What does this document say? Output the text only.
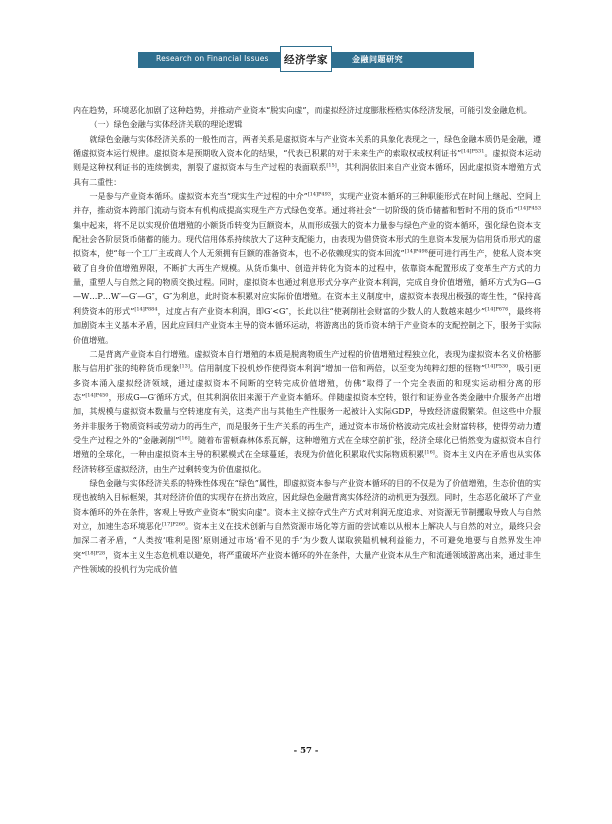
Research on Financial Issues 经济学家	金融问题研究

内在趋势，环境恶化加剧了这种趋势，并推动产业资本“脱实向虚”，而虚拟经济过度膨胀桎梏实体经济发展，可能引发金融危机。

（一）绿色金融与实体经济关联的理论逻辑

就绿色金融与实体经济关系的一般性而言，两者关系是虚拟资本与产业资本关系的具象化表现之一，绿色金融本质仍是金融，遵循虚拟资本运行规律。虚拟资本是预期收入资本化的结果，“代表已积累的对于未来生产的索取权或权利证书”$^{[14]P531}$。虚拟资本运动则是这种权利证书的连续倒卖，割裂了虚拟资本与生产过程的表面联系[15]，其利润依旧来自产业资本循环，因此虚拟资本增殖方式具有二重性：

一是参与产业资本循环。虚拟资本充当“现实生产过程的中介”$^{[14]P493}$，实现产业资本循环的三种职能形式在时间上继起、空间上并存，推动资本跨部门流动与资本有机构成提高实现生产方式绿色变革。通过将社会“一切阶级的货币储蓄和暂时不用的货币”$^{[14]P453}$集中起来，将不足以实现价值增殖的小额货币转变为巨额资本，从而形成强大的资本力量参与绿色产业的资本循环，强化绿色资本支配社会各阶层货币储蓄的能力。现代信用体系持续放大了这种支配能力，由表现为借贷资本形式的生息资本发展为信用货币形式的虚拟资本，使“每一个工厂主或商人个人无须拥有巨额的准备资本，也不必依赖现实的资本回流”$^{[14]P498}$便可进行再生产，使私人资本突破了自身价值增殖界限，不断扩大再生产规模。从货币集中、创造并转化为资本的过程中，依靠资本配置形成了变革生产方式的力量，重塑人与自然之间的物质交换过程。同时，虚拟资本也通过利息形式分享产业资本利润，完成自身价值增殖，循环方式为G—G—W…P…W′—G′—G″，G″为利息，此时资本积累对应实际价值增殖。在资本主义制度中，虚拟资本表现出极强的寄生性，“保持高利贷资本的形式”$^{[14]P884}$，过度占有产业资本利润，即G′<G″，长此以往“使剥削社会财富的少数人的人数越来越少”$^{[14]P676}$，最终将加剧资本主义基本矛盾，因此应回归产业资本主导的资本循环运动，将游离出的货币资本纳于产业资本的支配控制之下，服务于实际价值增殖。

二是背离产业资本自行增殖。虚拟资本自行增殖的本质是脱离物质生产过程的价值增殖过程独立化，表现为虚拟资本名义价格膨胀与信用扩张的纯粹货币现象[13]。信用制度下投机炒作使得资本利润“增加一倍和两倍，以至变为纯粹幻想的怪物”$^{[14]P530}$，吸引更多资本涌入虚拟经济领域，通过虚拟资本不间断的空转完成价值增殖，仿佛“取得了一个完全表面的和现实运动相分离的形态”$^{[14]P450}$，形成G—G′循环方式，但其利润依旧来源于产业资本循环。伴随虚拟资本空转，银行和证券业各类金融中介服务产出增加，其规模与虚拟资本数量与空转速度有关，这类产出与其他生产性服务一起被计入实际GDP，导致经济虚假繁荣。但这些中介服务并非服务于物质资料或劳动力的再生产，而是服务于生产关系的再生产，通过资本市场价格波动完成社会财富转移，使得劳动力遭受生产过程之外的“金融剥削”[16]。随着布雷顿森林体系瓦解，这种增殖方式在全球空前扩张，经济全球化已悄然变为虚拟资本自行增殖的全球化，一种由虚拟资本主导的积累模式在全球蔓延，表现为价值化积累取代实际物质积累[16]。资本主义内在矛盾也从实体经济转移至虚拟经济，由生产过剩转变为价值虚拟化。

绿色金融与实体经济关系的特殊性体现在“绿色”属性，即虚拟资本参与产业资本循环的目的不仅是为了价值增殖，生态价值的实现也被纳入目标框架，其对经济价值的实现存在挤出效应，因此绿色金融背离实体经济的动机更为强烈。同时，生态恶化破坏了产业资本循环的外在条件，客观上导致产业资本“脱实向虚”。资本主义掠夺式生产方式对利润无度追求、对资源无节制攫取导致人与自然对立，加速生态环境恶化$^{[17]P260}$。资本主义在技术创新与自然资源市场化等方面的尝试难以从根本上解决人与自然的对立，最终只会加深二者矛盾，“人类按‘唯利是图’原则通过市场‘看不见的手’为少数人谋取狭隘机械利益能力，不可避免地要与自然界发生冲突”$^{[18]P28}$，资本主义生态危机难以避免，将严重破坏产业资本循环的外在条件，大量产业资本从生产和流通领域游离出来，通过非生产性领域的投机行为完成价值

- 57 -
